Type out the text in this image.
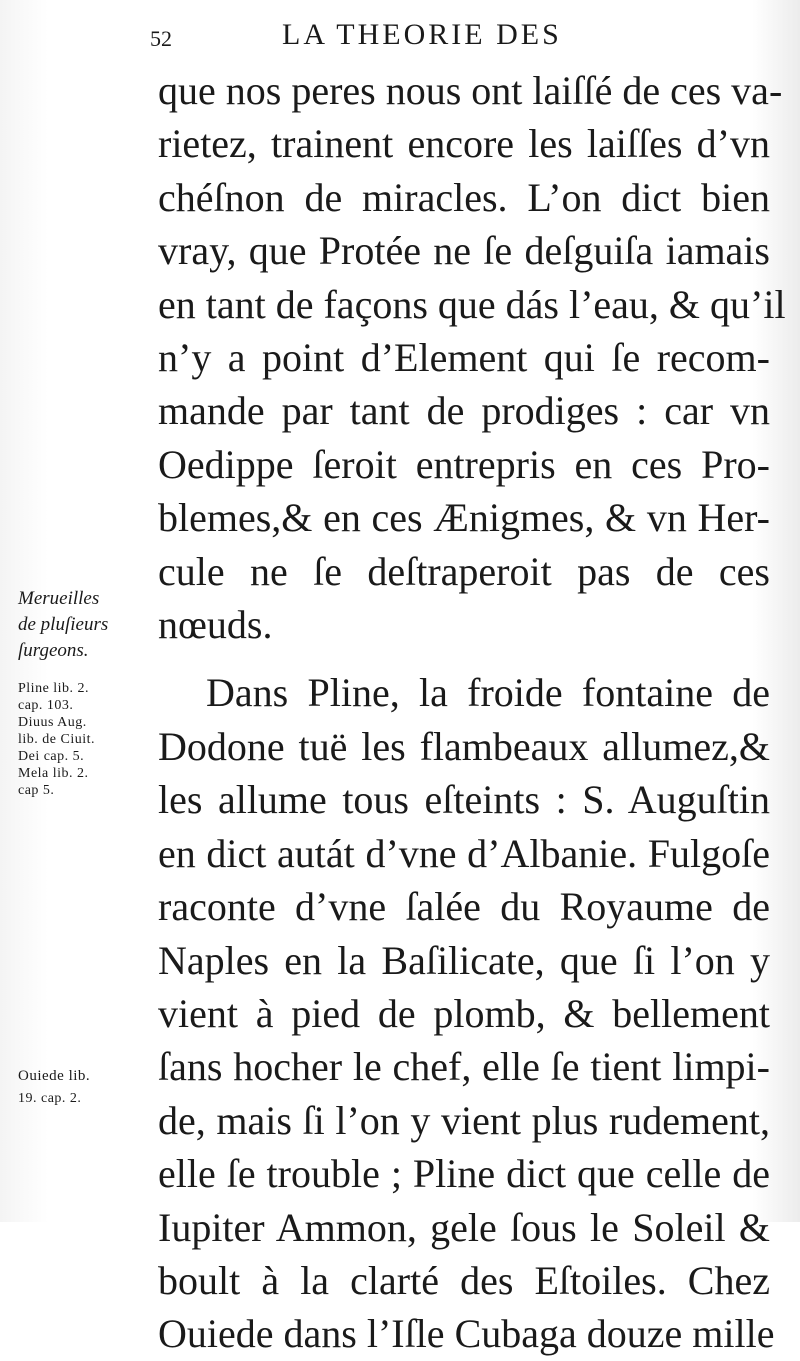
52	LA THEORIE DES
que nos peres nous ont laiſſé de ces va-
rietez, trainent encore les laiſſes d’vn
chéſnon de miracles. L’on dict bien
vray, que Protée ne ſe deſguiſa iamais
en tant de façons que dás l’eau, & qu’il
n’y a point d’Element qui ſe recom-
mande par tant de prodiges : car vn
Oedippe ſeroit entrepris en ces Pro-
blemes,& en ces Ænigmes, & vn Her-
cule ne ſe deſtraperoit pas de ces
nœuds.
Dans Pline, la froide fontaine de
Dodone tuë les flambeaux allumez,&
les allume tous eſteints : S. Auguſtin
en dict autát d’vne d’Albanie. Fulgoſe
raconte d’vne ſalée du Royaume de
Naples en la Baſilicate, que ſi l’on y
vient à pied de plomb, & bellement
ſans hocher le chef, elle ſe tient limpi-
de, mais ſi l’on y vient plus rudement,
elle ſe trouble ; Pline dict que celle de
Iupiter Ammon, gele ſous le Soleil &
boult à la clarté des Eſtoiles. Chez
Ouiede dans l’Iſle Cubaga douze mille
Merueilles
de pluſieurs
ſurgeons.
Pline lib. 2.
cap. 103.
Diuus Aug.
lib. de Ciuit.
Dei cap. 5.
Mela lib. 2.
cap 5.
Ouiede lib.
19. cap. 2.
